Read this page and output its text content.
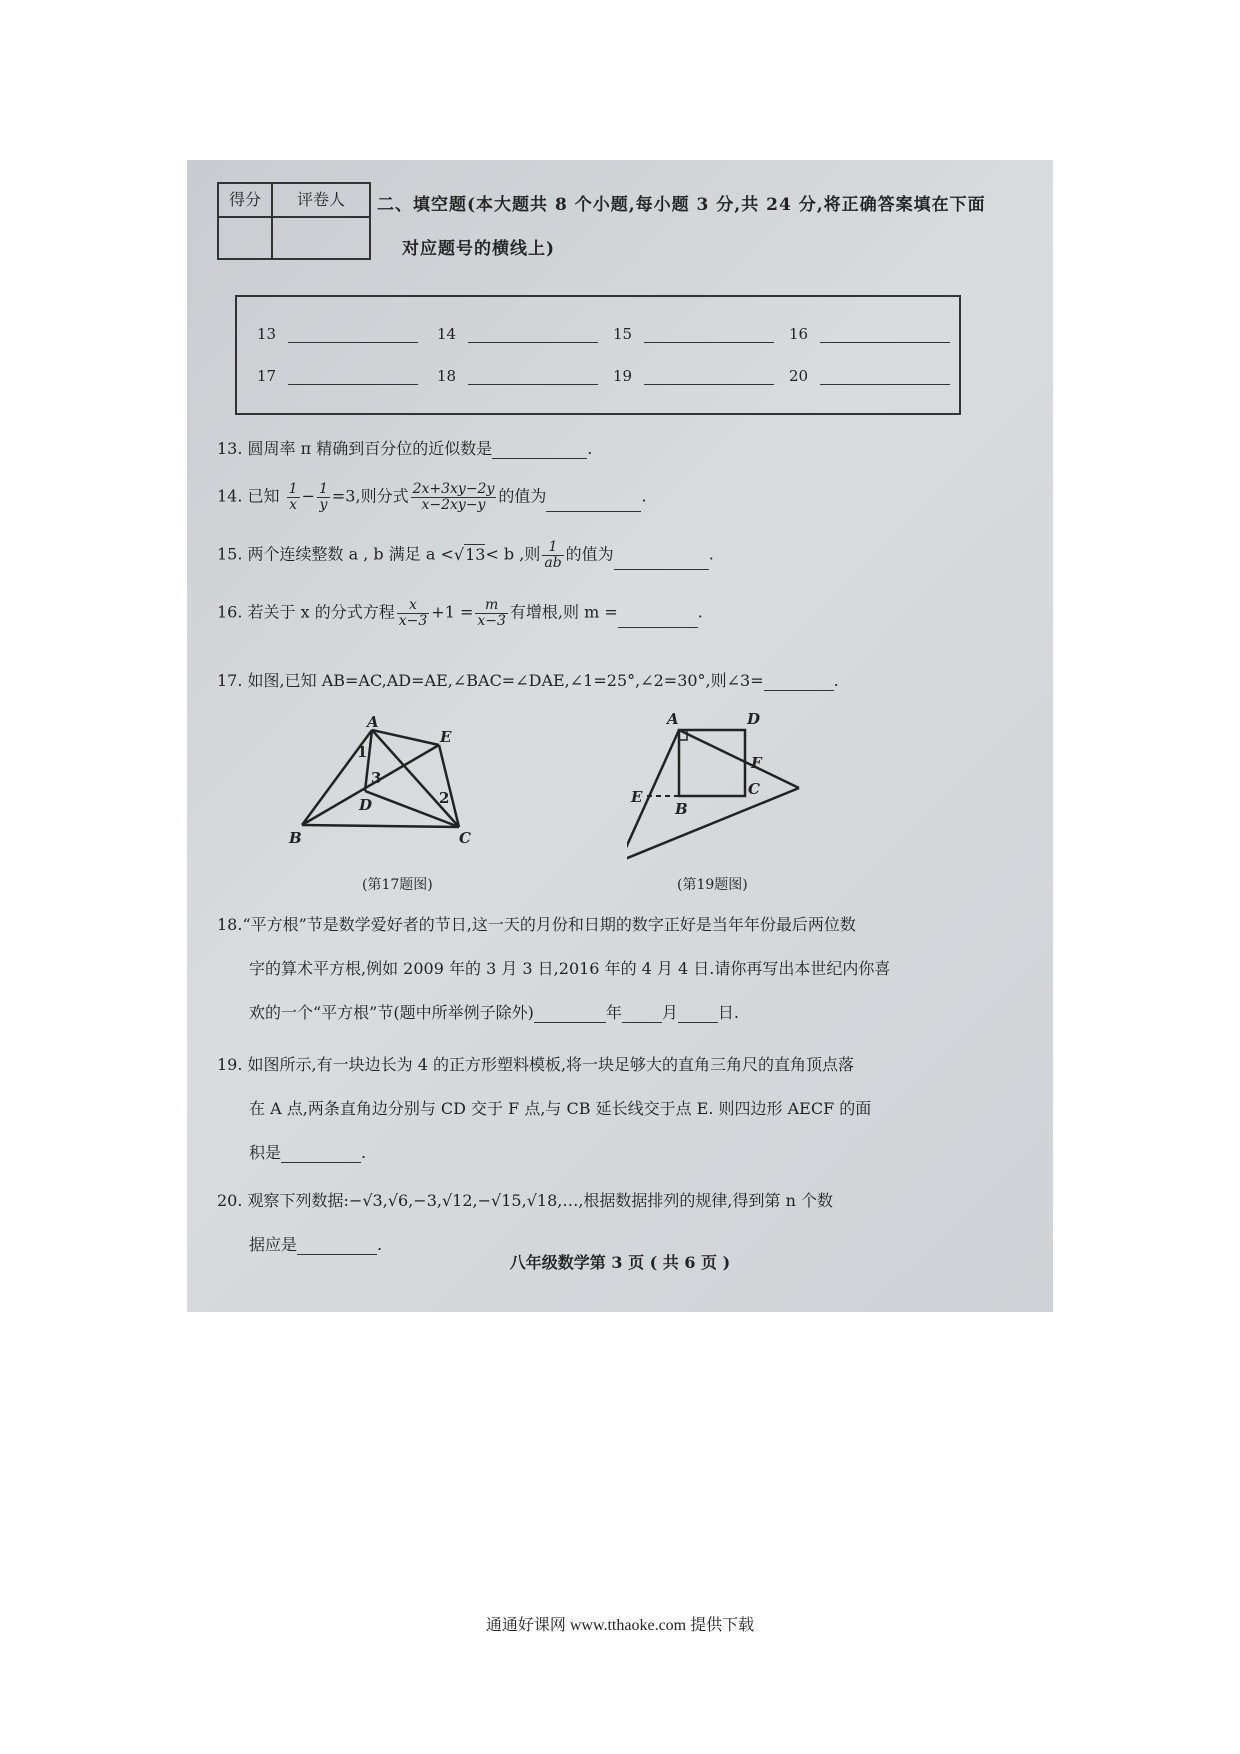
得分	评卷人	二、填空题(本大题共 8 个小题,每小题 3 分,共 24 分,将正确答案填在下面
对应题号的横线上)
13	14	15	16
17	18	19	20
13. 圆周率 π 精确到百分位的近似数是	.
14. 已知 $\frac{1}{x} - \frac{1}{y} =3$,则分式 $\frac{2x+3xy-2y}{x-2xy-y}$ 的值为	.
15. 两个连续整数 a , b 满足 a <√ 13< b ,则 $\frac{1}{ab}$ 的值为	.
16. 若关于 x 的分式方程 $\frac{x}{x-3} +1 = \frac{m}{x-3}$ 有增根,则 m =	.
17. 如图,已知 AB=AC,AD=AE,∠BAC=∠DAE,∠1=25°,∠2=30°,则∠3=	.
A
B	C
D
E
1
2
3
(第17题图)
A	D
F
C
B
E
(第19题图)
18.“平方根”节是数学爱好者的节日,这一天的月份和日期的数字正好是当年年份最后两位数
字的算术平方根,例如 2009 年的 3 月 3 日,2016 年的 4 月 4 日.请你再写出本世纪内你喜
欢的一个“平方根”节(题中所举例子除外)	年	月	日.
19. 如图所示,有一块边长为 4 的正方形塑料模板,将一块足够大的直角三角尺的直角顶点落
在 A 点,两条直角边分别与 CD 交于 F 点,与 CB 延长线交于点 E. 则四边形 AECF 的面
积是	.
20. 观察下列数据:−√3,√6,−3,√12,−√15,√18,…,根据数据排列的规律,得到第 n 个数
据应是	.
八年级数学第 3 页 ( 共 6 页 )
通通好课网 www.tthaoke.com 提供下载
